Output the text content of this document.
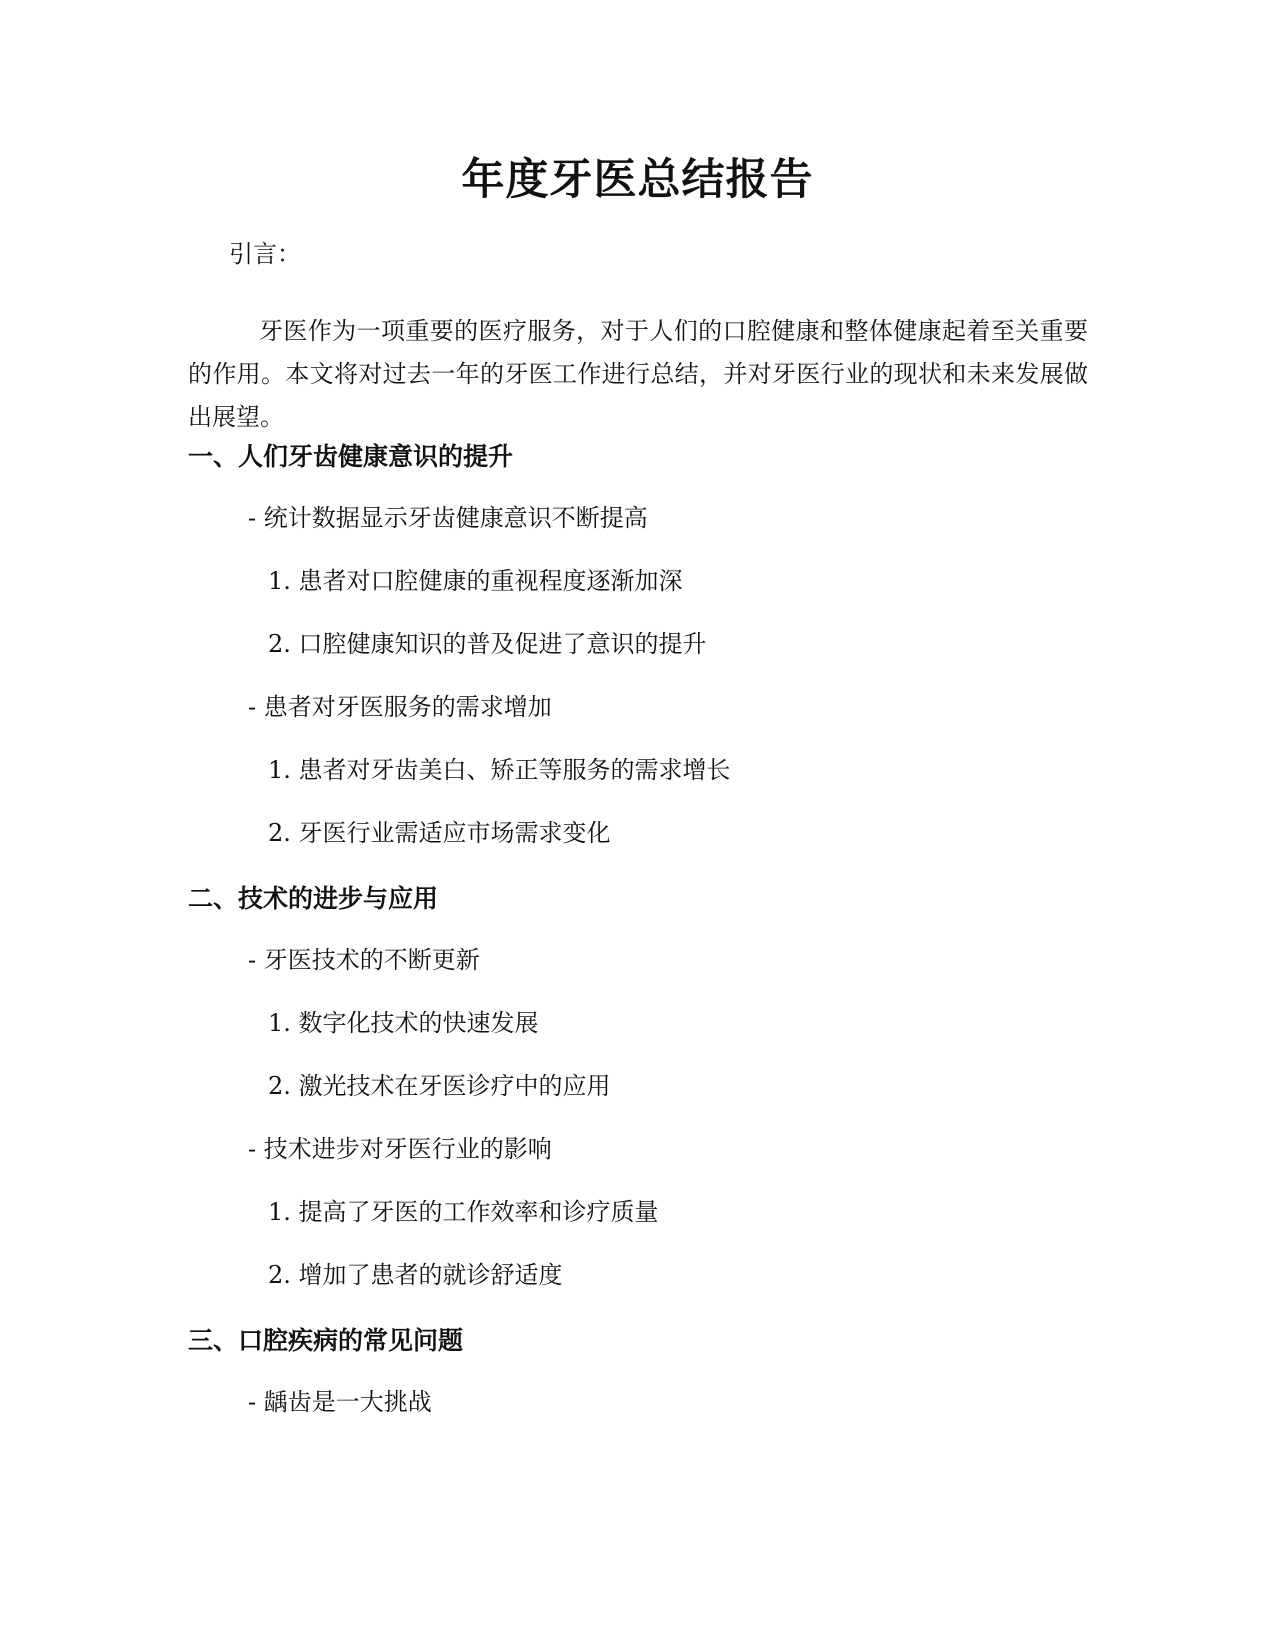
年度牙医总结报告
引言：

牙医作为一项重要的医疗服务，对于人们的口腔健康和整体健康起着至关重要的作用。本文将对过去一年的牙医工作进行总结，并对牙医行业的现状和未来发展做出展望。

一、人们牙齿健康意识的提升
- 统计数据显示牙齿健康意识不断提高
1. 患者对口腔健康的重视程度逐渐加深
2. 口腔健康知识的普及促进了意识的提升
- 患者对牙医服务的需求增加
1. 患者对牙齿美白、矫正等服务的需求增长
2. 牙医行业需适应市场需求变化
二、技术的进步与应用
- 牙医技术的不断更新
1. 数字化技术的快速发展
2. 激光技术在牙医诊疗中的应用
- 技术进步对牙医行业的影响
1. 提高了牙医的工作效率和诊疗质量
2. 增加了患者的就诊舒适度
三、口腔疾病的常见问题
- 龋齿是一大挑战
